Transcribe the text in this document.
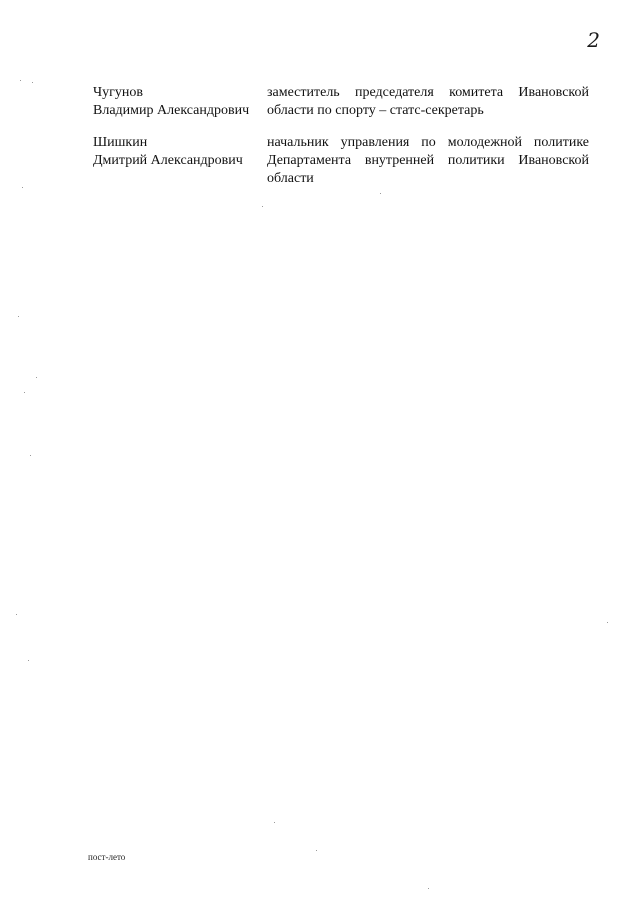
2
Чугунов
Владимир Александрович
заместитель председателя комитета Ивановской области по спорту – статс-секретарь
Шишкин
Дмитрий Александрович
начальник управления по молодежной политике Департамента внутренней политики Ивановской области
пост-лето
